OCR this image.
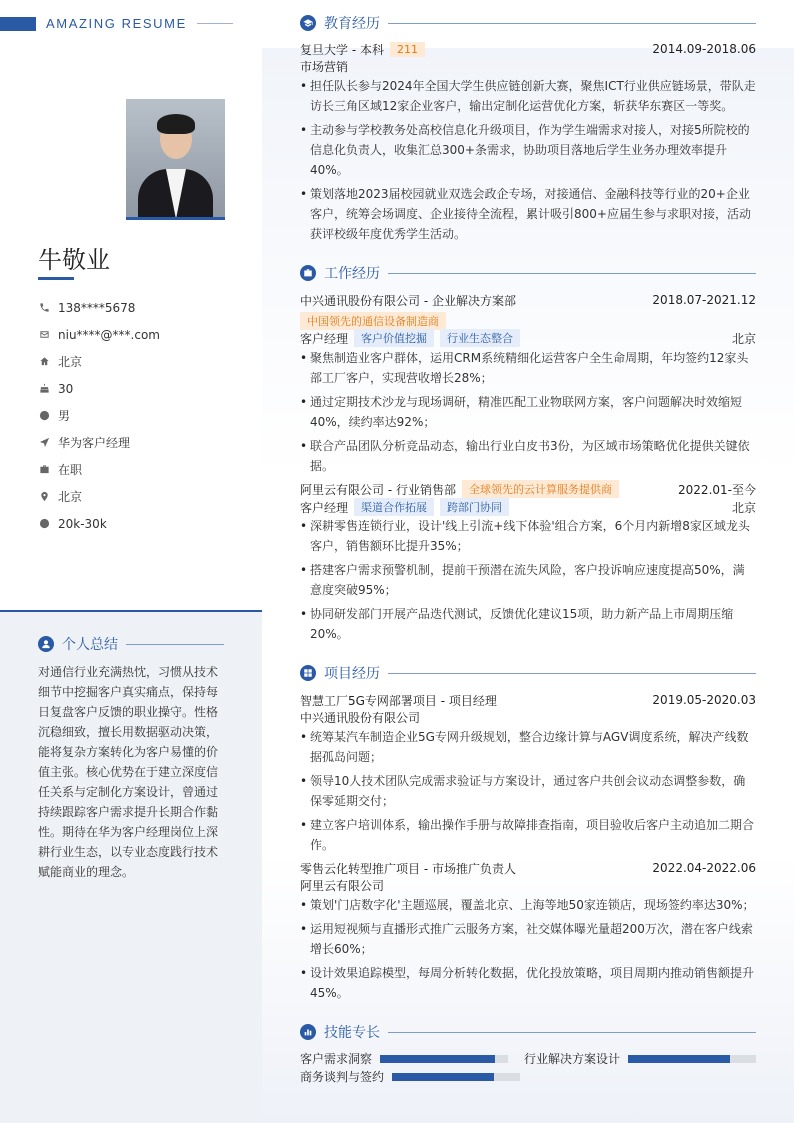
AMAZING RESUME
牛敬业
138****5678
niu****@***.com
北京
30
男
华为客户经理
在职
北京
20k-30k
个人总结
对通信行业充满热忱，习惯从技术细节中挖掘客户真实痛点，保持每日复盘客户反馈的职业操守。性格沉稳细致，擅长用数据驱动决策，能将复杂方案转化为客户易懂的价值主张。核心优势在于建立深度信任关系与定制化方案设计，曾通过持续跟踪客户需求提升长期合作黏性。期待在华为客户经理岗位上深耕行业生态，以专业态度践行技术赋能商业的理念。
教育经历
复旦大学 - 本科	211	2014.09-2018.06
市场营销
• 担任队长参与2024年全国大学生供应链创新大赛，聚焦ICT行业供应链场景，带队走访长三角区域12家企业客户，输出定制化运营优化方案，斩获华东赛区一等奖。
• 主动参与学校教务处高校信息化升级项目，作为学生端需求对接人，对接5所院校的信息化负责人，收集汇总300+条需求，协助项目落地后学生业务办理效率提升40%。
• 策划落地2023届校园就业双选会政企专场，对接通信、金融科技等行业的20+企业客户，统筹会场调度、企业接待全流程，累计吸引800+应届生参与求职对接，活动获评校级年度优秀学生活动。
工作经历
中兴通讯股份有限公司 - 企业解决方案部	2018.07-2021.12
中国领先的通信设备制造商
客户经理	客户价值挖掘	行业生态整合	北京
• 聚焦制造业客户群体，运用CRM系统精细化运营客户全生命周期，年均签约12家头部工厂客户，实现营收增长28%；
• 通过定期技术沙龙与现场调研，精准匹配工业物联网方案，客户问题解决时效缩短40%，续约率达92%；
• 联合产品团队分析竞品动态，输出行业白皮书3份，为区域市场策略优化提供关键依据。
阿里云有限公司 - 行业销售部	全球领先的云计算服务提供商	2022.01-至今
客户经理	渠道合作拓展	跨部门协同	北京
• 深耕零售连锁行业，设计'线上引流+线下体验'组合方案，6个月内新增8家区域龙头客户，销售额环比提升35%；
• 搭建客户需求预警机制，提前干预潜在流失风险，客户投诉响应速度提高50%，满意度突破95%；
• 协同研发部门开展产品迭代测试，反馈优化建议15项，助力新产品上市周期压缩20%。
项目经历
智慧工厂5G专网部署项目 - 项目经理	2019.05-2020.03
中兴通讯股份有限公司
• 统筹某汽车制造企业5G专网升级规划，整合边缘计算与AGV调度系统，解决产线数据孤岛问题；
• 领导10人技术团队完成需求验证与方案设计，通过客户共创会议动态调整参数，确保零延期交付；
• 建立客户培训体系，输出操作手册与故障排查指南，项目验收后客户主动追加二期合作。
零售云化转型推广项目 - 市场推广负责人	2022.04-2022.06
阿里云有限公司
• 策划'门店数字化'主题巡展，覆盖北京、上海等地50家连锁店，现场签约率达30%；
• 运用短视频与直播形式推广云服务方案，社交媒体曝光量超200万次，潜在客户线索增长60%；
• 设计效果追踪模型，每周分析转化数据，优化投放策略，项目周期内推动销售额提升45%。
技能专长
客户需求洞察	行业解决方案设计
商务谈判与签约
